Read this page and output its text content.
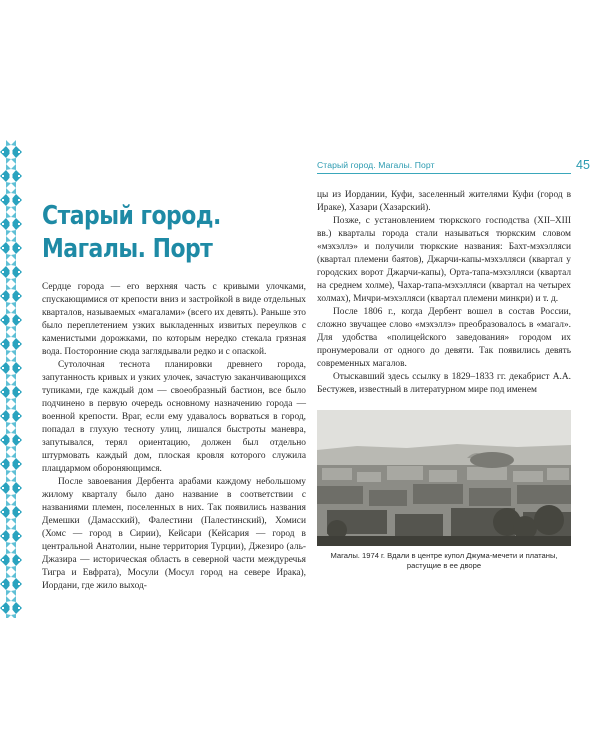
Старый город. Магалы. Порт	45
Старый город.
Магалы. Порт

Сердце города — его верхняя часть с кривыми улочками, спускающимися от крепости вниз и застройкой в виде отдельных кварталов, называемых «магалами» (всего их девять). Раньше это было переплетением узких выкладенных извитых переулков с каменистыми дорожками, по которым нередко стекала грязная вода. Посторонние сюда заглядывали редко и с опаской.

Сутолочная теснота планировки древнего города, запутанность кривых и узких улочек, зачастую заканчивающихся тупиками, где каждый дом — своеобразный бастион, все было подчинено в первую очередь основному назначению города — военной крепости. Враг, если ему удавалось ворваться в город, попадал в глухую тесноту улиц, лишался быстроты маневра, запутывался, терял ориентацию, должен был отдельно штурмовать каждый дом, плоская кровля которого служила плацдармом обороняющимся.

После завоевания Дербента арабами каждому небольшому жилому кварталу было дано название в соответствии с названиями племен, поселенных в них. Так появились названия Демешки (Дамасский), Фалестини (Палестинский), Хомиси (Хомс — город в Сирии), Кейсари (Кейсария — город в центральной Анатолии, ныне территория Турции), Джезиро (аль-Джазира — историческая область в северной части междуречья Тигра и Евфрата), Мосули (Мосул город на севере Ирака), Иордани, где жило выход-

цы из Иордании, Куфи, заселенный жителями Куфи (город в Ираке), Хазари (Хазарский).

Позже, с установлением тюркского господства (XII–XIII вв.) кварталы города стали называться тюркским словом «мэхэллэ» и получили тюркские названия: Бахт-мэхэлляси (квартал племени баятов), Джарчи-капы-мэхэлляси (квартал у городских ворот Джарчи-капы), Орта-тапа-мэхэлляси (квартал на среднем холме), Чахар-тапа-мэхэлляси (квартал на четырех холмах), Мичри-мэхэлляси (квартал племени минкри) и т. д.

После 1806 г., когда Дербент вошел в состав России, сложно звучащее слово «мэхэллэ» преобразовалось в «магал». Для удобства «полицейского заведования» городом их пронумеровали от одного до девяти. Так появились девять современных магалов.

Отыскавший здесь ссылку в 1829–1833 гг. декабрист А.А. Бестужев, известный в литературном мире под именем

Магалы. 1974 г. Вдали в центре купол Джума-мечети и платаны,
растущие в ее дворе
